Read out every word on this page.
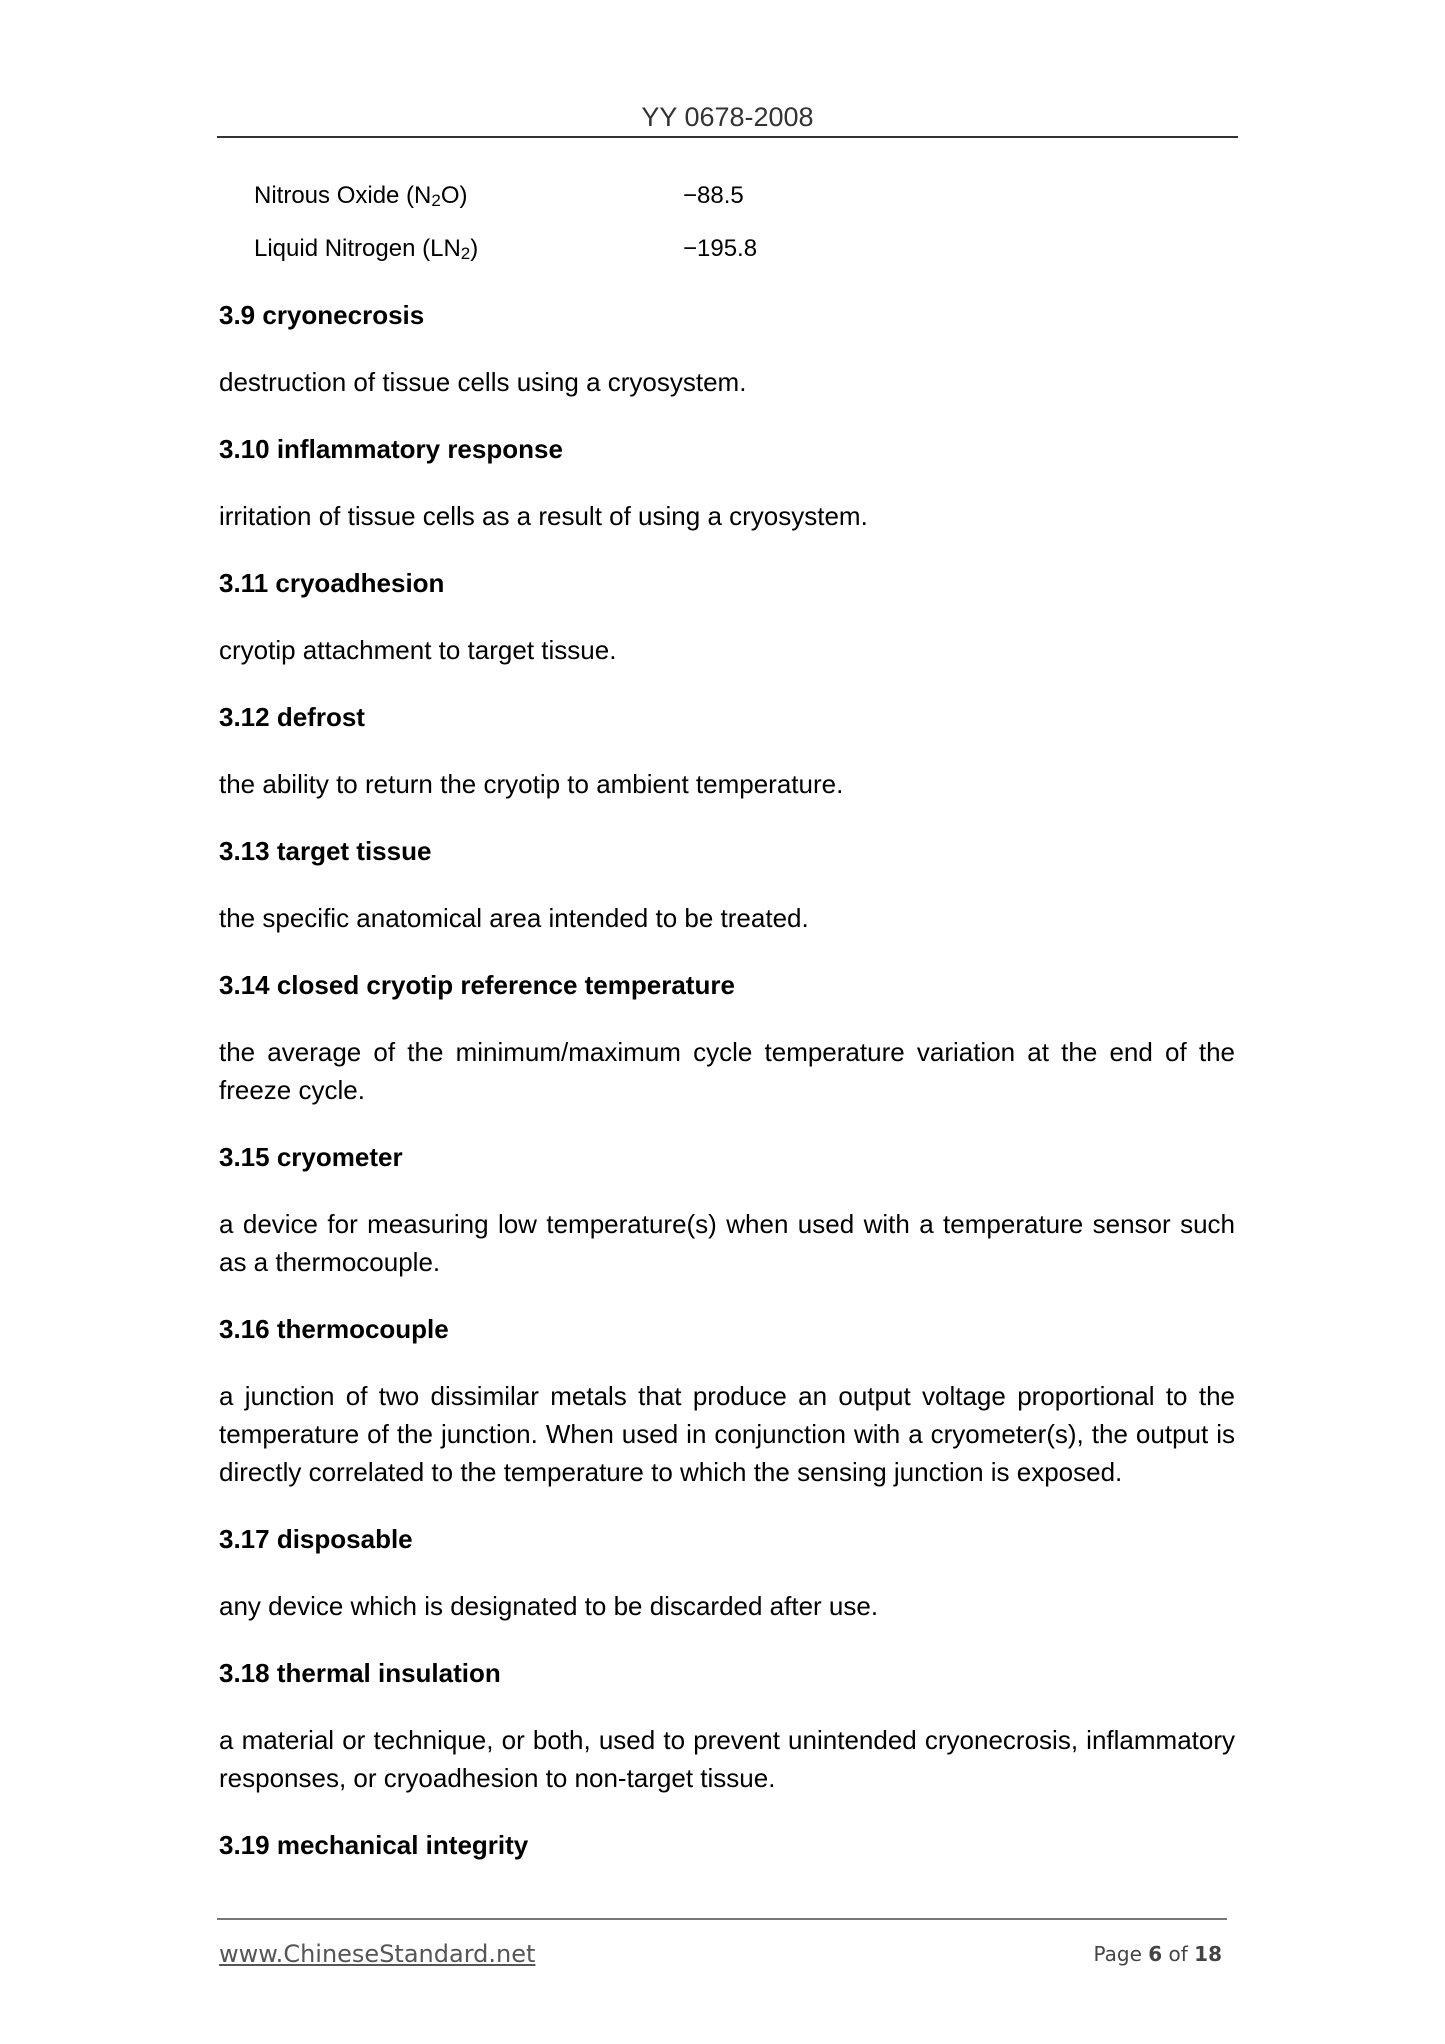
YY 0678-2008
Nitrous Oxide $(N_2O)$	−88.5
Liquid Nitrogen $(LN_2)$	−195.8
3.9 cryonecrosis
destruction of tissue cells using a cryosystem.
3.10 inflammatory response
irritation of tissue cells as a result of using a cryosystem.
3.11 cryoadhesion
cryotip attachment to target tissue.
3.12 defrost
the ability to return the cryotip to ambient temperature.
3.13 target tissue
the specific anatomical area intended to be treated.
3.14 closed cryotip reference temperature
the average of the minimum/maximum cycle temperature variation at the end of the freeze cycle.
3.15 cryometer
a device for measuring low temperature(s) when used with a temperature sensor such as a thermocouple.
3.16 thermocouple
a junction of two dissimilar metals that produce an output voltage proportional to the temperature of the junction. When used in conjunction with a cryometer(s), the output is directly correlated to the temperature to which the sensing junction is exposed.
3.17 disposable
any device which is designated to be discarded after use.
3.18 thermal insulation
a material or technique, or both, used to prevent unintended cryonecrosis, inflammatory responses, or cryoadhesion to non-target tissue.
3.19 mechanical integrity
www.ChineseStandard.net	Page 6 of 18
